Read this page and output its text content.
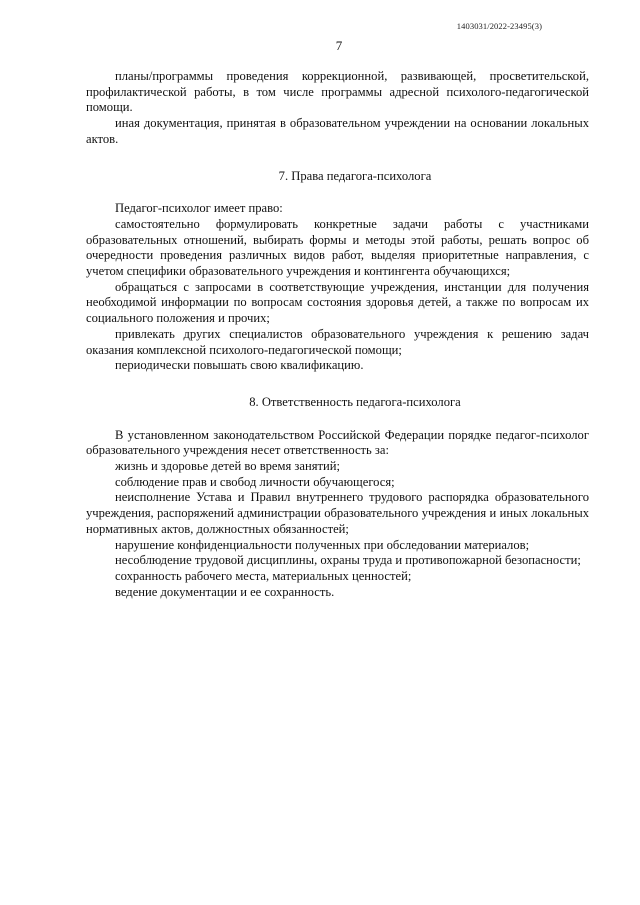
1403031/2022-23495(3)
7

планы/программы проведения коррекционной, развивающей, просветительской, профилактической работы, в том числе программы адресной психолого-педагогической помощи.

иная документация, принятая в образовательном учреждении на основании локальных актов.

7. Права педагога-психолога

Педагог-психолог имеет право:

самостоятельно формулировать конкретные задачи работы с участниками образовательных отношений, выбирать формы и методы этой работы, решать вопрос об очередности проведения различных видов работ, выделяя приоритетные направления, с учетом специфики образовательного учреждения и контингента обучающихся;

обращаться с запросами в соответствующие учреждения, инстанции для получения необходимой информации по вопросам состояния здоровья детей, а также по вопросам их социального положения и прочих;

привлекать других специалистов образовательного учреждения к решению задач оказания комплексной психолого-педагогической помощи;

периодически повышать свою квалификацию.

8. Ответственность педагога-психолога

В установленном законодательством Российской Федерации порядке педагог-психолог образовательного учреждения несет ответственность за:

жизнь и здоровье детей во время занятий;

соблюдение прав и свобод личности обучающегося;

неисполнение Устава и Правил внутреннего трудового распорядка образовательного учреждения, распоряжений администрации образовательного учреждения и иных локальных нормативных актов, должностных обязанностей;

нарушение конфиденциальности полученных при обследовании материалов;

несоблюдение трудовой дисциплины, охраны труда и противопожарной безопасности;

сохранность рабочего места, материальных ценностей;

ведение документации и ее сохранность.
